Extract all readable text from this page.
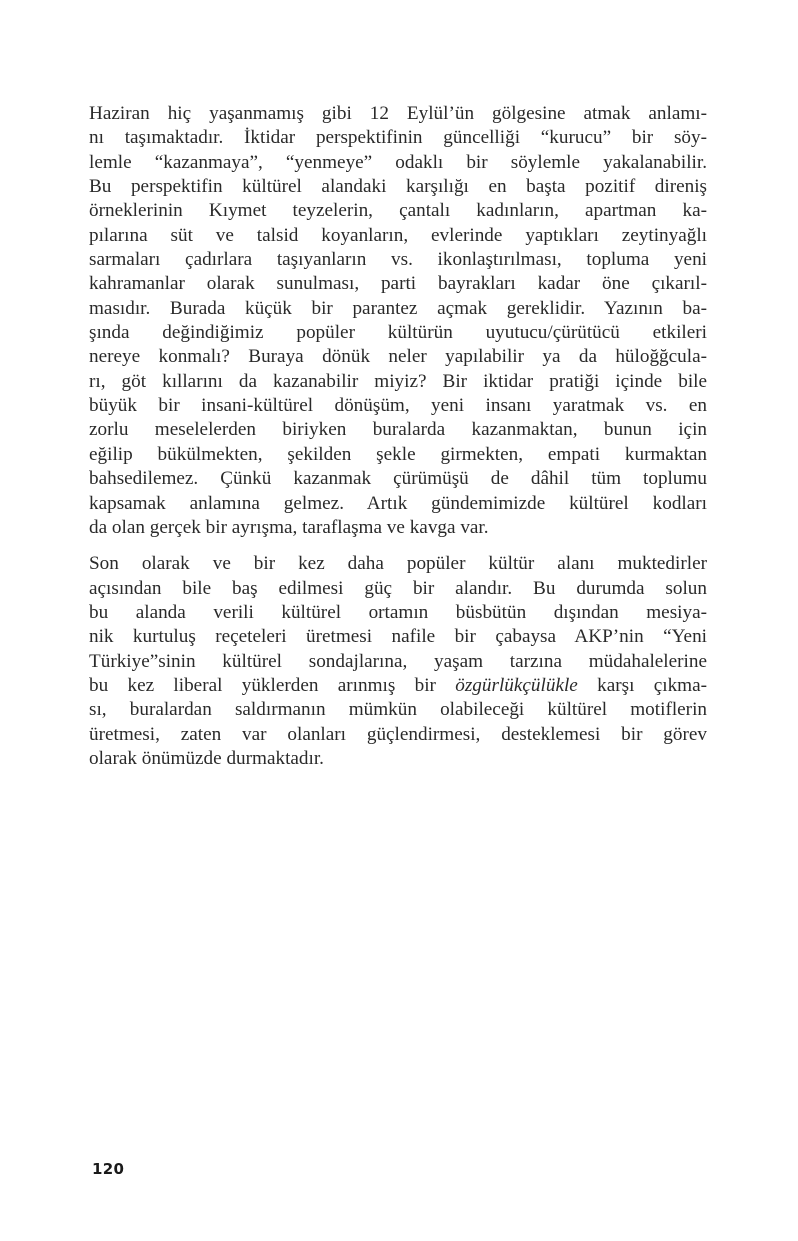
Haziran hiç yaşanmamış gibi 12 Eylül’ün gölgesine atmak anlamı-
nı taşımaktadır. İktidar perspektifinin güncelliği “kurucu” bir söy-
lemle “kazanmaya”, “yenmeye” odaklı bir söylemle yakalanabilir.
Bu perspektifin kültürel alandaki karşılığı en başta pozitif direniş
örneklerinin Kıymet teyzelerin, çantalı kadınların, apartman ka-
pılarına süt ve talsid koyanların, evlerinde yaptıkları zeytinyağlı
sarmaları çadırlara taşıyanların vs. ikonlaştırılması, topluma yeni
kahramanlar olarak sunulması, parti bayrakları kadar öne çıkarıl-
masıdır. Burada küçük bir parantez açmak gereklidir. Yazının ba-
şında değindiğimiz popüler kültürün uyutucu/çürütücü etkileri
nereye konmalı? Buraya dönük neler yapılabilir ya da hüloğğcula-
rı, göt kıllarını da kazanabilir miyiz? Bir iktidar pratiği içinde bile
büyük bir insani-kültürel dönüşüm, yeni insanı yaratmak vs. en
zorlu meselelerden biriyken buralarda kazanmaktan, bunun için
eğilip bükülmekten, şekilden şekle girmekten, empati kurmaktan
bahsedilemez. Çünkü kazanmak çürümüşü de dâhil tüm toplumu
kapsamak anlamına gelmez. Artık gündemimizde kültürel kodları
da olan gerçek bir ayrışma, taraflaşma ve kavga var.

Son olarak ve bir kez daha popüler kültür alanı muktedirler
açısından bile baş edilmesi güç bir alandır. Bu durumda solun
bu alanda verili kültürel ortamın büsbütün dışından mesiya-
nik kurtuluş reçeteleri üretmesi nafile bir çabaysa AKP’nin “Yeni
Türkiye”sinin kültürel sondajlarına, yaşam tarzına müdahalelerine
bu kez liberal yüklerden arınmış bir özgürlükçülükle karşı çıkma-
sı, buralardan saldırmanın mümkün olabileceği kültürel motiflerin
üretmesi, zaten var olanları güçlendirmesi, desteklemesi bir görev
olarak önümüzde durmaktadır.

120
